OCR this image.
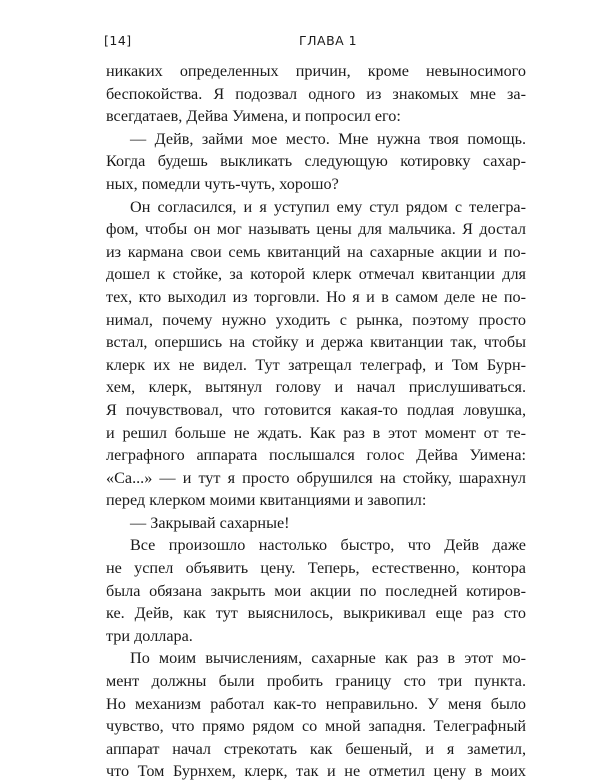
[14]	ГЛАВА 1

никаких определенных причин, кроме невыносимого

беспокойства. Я подозвал одного из знакомых мне за-

всегдатаев, Дейва Уимена, и попросил его:

— Дейв, займи мое место. Мне нужна твоя помощь.

Когда будешь выкликать следующую котировку сахар-

ных, помедли чуть-чуть, хорошо?

Он согласился, и я уступил ему стул рядом с телегра-

фом, чтобы он мог называть цены для мальчика. Я достал

из кармана свои семь квитанций на сахарные акции и по-

дошел к стойке, за которой клерк отмечал квитанции для

тех, кто выходил из торговли. Но я и в самом деле не по-

нимал, почему нужно уходить с рынка, поэтому просто

встал, опершись на стойку и держа квитанции так, чтобы

клерк их не видел. Тут затрещал телеграф, и Том Бурн-

хем, клерк, вытянул голову и начал прислушиваться.

Я почувствовал, что готовится какая-то подлая ловушка,

и решил больше не ждать. Как раз в этот момент от те-

леграфного аппарата послышался голос Дейва Уимена:

«Са...» — и тут я просто обрушился на стойку, шарахнул

перед клерком моими квитанциями и завопил:

— Закрывай сахарные!

Все произошло настолько быстро, что Дейв даже

не успел объявить цену. Теперь, естественно, контора

была обязана закрыть мои акции по последней котиров-

ке. Дейв, как тут выяснилось, выкрикивал еще раз сто

три доллара.

По моим вычислениям, сахарные как раз в этот мо-

мент должны были пробить границу сто три пункта.

Но механизм работал как-то неправильно. У меня было

чувство, что прямо рядом со мной западня. Телеграфный

аппарат начал стрекотать как бешеный, и я заметил,

что Том Бурнхем, клерк, так и не отметил цену в моих
